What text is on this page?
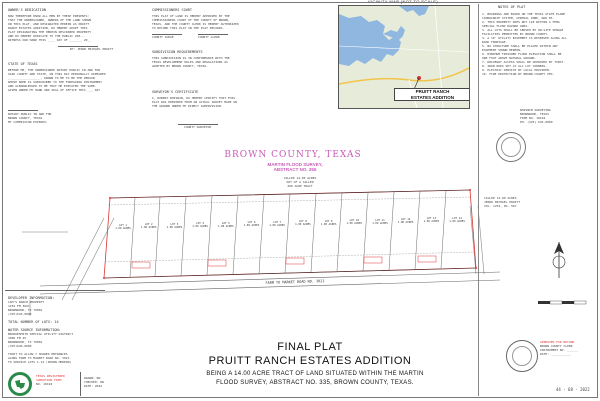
OWNER'S DEDICATION
NOW THEREFORE KNOW ALL MEN BY THESE PRESENTS:
THAT THE UNDERSIGNED, OWNERS OF THE LAND SHOWN
ON THIS PLAT, AND DESIGNATED HEREIN AS PRUITT
RANCH ESTATES ADDITION, DO HEREBY ADOPT THIS
PLAT DESIGNATING THE HEREIN DESCRIBED PROPERTY
AND DO HEREBY DEDICATE TO THE PUBLIC USE...
WITNESS OUR HAND THIS ____ DAY OF ______, 20__
BY: JEROD MICHAEL PRUITT
STATE OF TEXAS
BEFORE ME, THE UNDERSIGNED NOTARY PUBLIC IN AND FOR
SAID COUNTY AND STATE, ON THIS DAY PERSONALLY APPEARED
__________________, KNOWN TO ME TO BE THE PERSON
WHOSE NAME IS SUBSCRIBED TO THE FOREGOING INSTRUMENT
AND ACKNOWLEDGED TO ME THAT HE EXECUTED THE SAME.
GIVEN UNDER MY HAND AND SEAL OF OFFICE THIS ___ DAY
NOTARY PUBLIC IN AND FOR
BROWN COUNTY, TEXAS
MY COMMISSION EXPIRES:
COMMISSIONERS COURT
THIS PLAT OF LAND IS HEREBY APPROVED BY THE
COMMISSIONERS COURT OF THE COUNTY OF BROWN,
TEXAS, AND THE COUNTY CLERK IS HEREBY AUTHORIZED
TO RECORD THIS PLAT IN THE PLAT RECORDS.
COUNTY JUDGE	COUNTY CLERK
SUBDIVISION REQUIREMENTS
THIS SUBDIVISION IS IN CONFORMANCE WITH THE
TEXAS DEVELOPMENT RULES AND REGULATIONS AS
ADOPTED BY BROWN COUNTY, TEXAS.
SURVEYOR'S CERTIFICATE
I, ROBERT WHISNIN, DO HEREBY CERTIFY THAT THIS
PLAT WAS PREPARED FROM AN ACTUAL SURVEY MADE ON
THE GROUND UNDER MY DIRECT SUPERVISION.
COUNTY SURVEYOR
VICINITY MAP (NOT TO SCALE)
PRUITT RANCH
ESTATES ADDITION
NOTES OF PLAT
1. BEARINGS ARE BASED ON THE TEXAS STATE PLANE
COORDINATE SYSTEM, CENTRAL ZONE, NAD 83.
2. THIS PROPERTY DOES NOT LIE WITHIN A FEMA
SPECIAL FLOOD HAZARD AREA.
3. ALL LOTS SHALL BE SERVED BY ON-SITE SEWAGE
FACILITIES PERMITTED BY BROWN COUNTY.
4. A 10' UTILITY EASEMENT IS RESERVED ALONG ALL
ROAD FRONTAGE.
5. NO STRUCTURE SHALL BE PLACED WITHIN ANY
EASEMENT SHOWN HEREON.
6. MINIMUM FINISHED FLOOR ELEVATION SHALL BE
ONE FOOT ABOVE NATURAL GROUND.
7. DRIVEWAY ACCESS SHALL BE APPROVED BY TXDOT.
8. IRON RODS SET AT ALL LOT CORNERS.
9. ELECTRIC SERVICE BY LOCAL PROVIDER.
10. FIRE PROTECTION BY BROWN COUNTY VFD.
WHISNIN SURVEYING
BROWNWOOD, TEXAS
FIRM NO. 10194
PH. (325) 643-0000
CALLED 14.00 ACRES
JEROD MICHAEL PRUITT
VOL. 1234, PG. 567
APPROVED FOR RECORD
BROWN COUNTY CLERK
INSTRUMENT NO. ______
DATE: ___________
44 - 68 - 2022
BROWN COUNTY, TEXAS
MARTIN FLOOD SURVEY,
ABSTRACT NO. 355
CALLED 14.00 ACRES
OUT OF A CALLED
200 ACRE TRACT
LOT 1
1.00 ACRES
LOT 2
1.00 ACRES
LOT 3
1.00 ACRES
LOT 4
1.00 ACRES
LOT 5
1.00 ACRES
LOT 6
1.00 ACRES
LOT 7
1.00 ACRES
LOT 8
1.00 ACRES
LOT 9
1.00 ACRES
LOT 10
1.00 ACRES
LOT 11
1.00 ACRES
LOT 12
1.00 ACRES
LOT 13
1.00 ACRES
LOT 14
1.00 ACRES
FARM TO MARKET ROAD NO. 3021
DEVELOPER INFORMATION:
CAM'S RANCH PROPERTY
1234 FM 3021
BROWNWOOD, TX 76801
(325)643-0000
TOTAL NUMBER OF LOTS: 14
WATER SOURCE INFORMATION:
BROOKESMITH SPECIAL UTILITY DISTRICT
1000 FM 45
BROWNWOOD, TX 76801
(325)646-0000
TXDOT TO ALLOW 7 SHARED ENTRANCES
ALONG FARM TO MARKET ROAD NO. 3021
TO SERVICE LOTS 1-14 (SHOWN HEREON)
TEXAS REGISTERED
SURVEYING FIRM
NO. 10194
DRAWN: RW
CHECKED: RW
DATE: 2022
FINAL PLAT
PRUITT RANCH ESTATES ADDITION
BEING A 14.00 ACRE TRACT OF LAND SITUATED WITHIN THE MARTIN
FLOOD SURVEY, ABSTRACT NO. 335, BROWN COUNTY, TEXAS.
